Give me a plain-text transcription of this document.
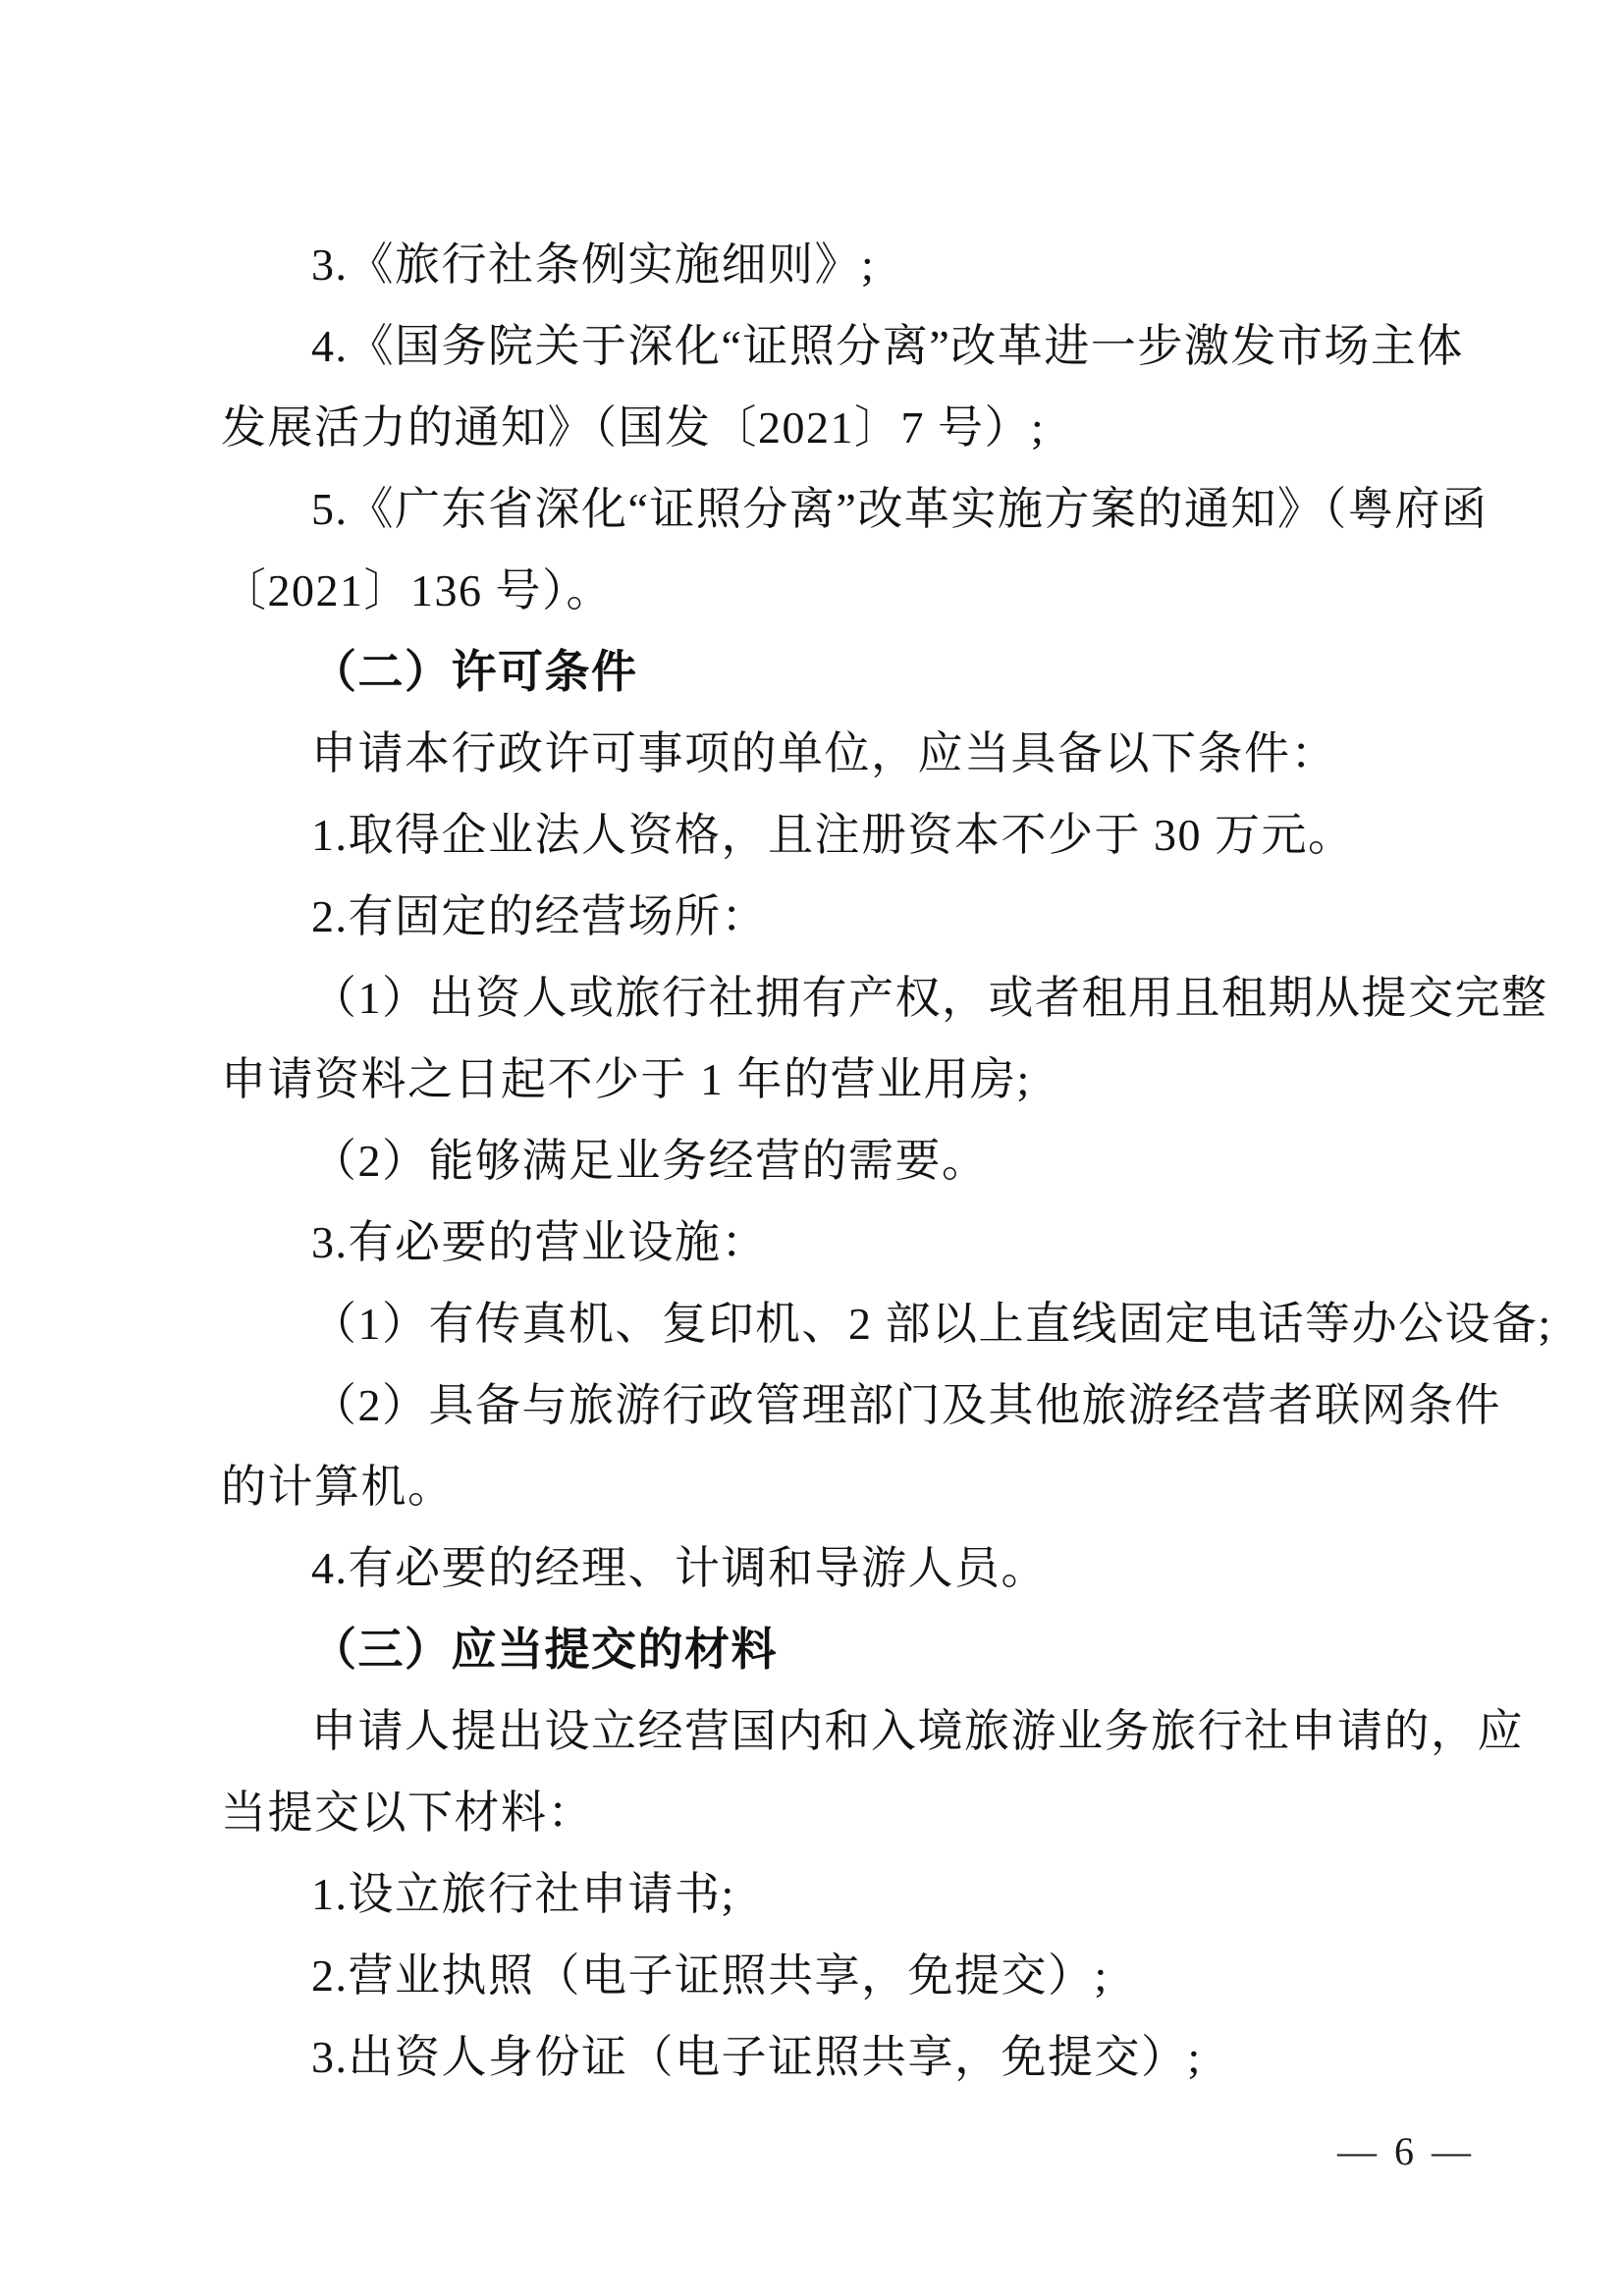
3.《旅行社条例实施细则》;
4.《国务院关于深化“证照分离”改革进一步激发市场主体
发展活力的通知》（国发〔2021〕7 号）;
5.《广东省深化“证照分离”改革实施方案的通知》（粤府函
〔2021〕136 号）。
（二）许可条件
申请本行政许可事项的单位，应当具备以下条件：
1.取得企业法人资格，且注册资本不少于 30 万元。
2.有固定的经营场所：
（1）出资人或旅行社拥有产权，或者租用且租期从提交完整
申请资料之日起不少于 1 年的营业用房;
（2）能够满足业务经营的需要。
3.有必要的营业设施：
（1）有传真机、复印机、2 部以上直线固定电话等办公设备;
（2）具备与旅游行政管理部门及其他旅游经营者联网条件
的计算机。
4.有必要的经理、计调和导游人员。
（三）应当提交的材料
申请人提出设立经营国内和入境旅游业务旅行社申请的，应
当提交以下材料：
1.设立旅行社申请书;
2.营业执照（电子证照共享，免提交）;
3.出资人身份证（电子证照共享，免提交）;
— 6 —
